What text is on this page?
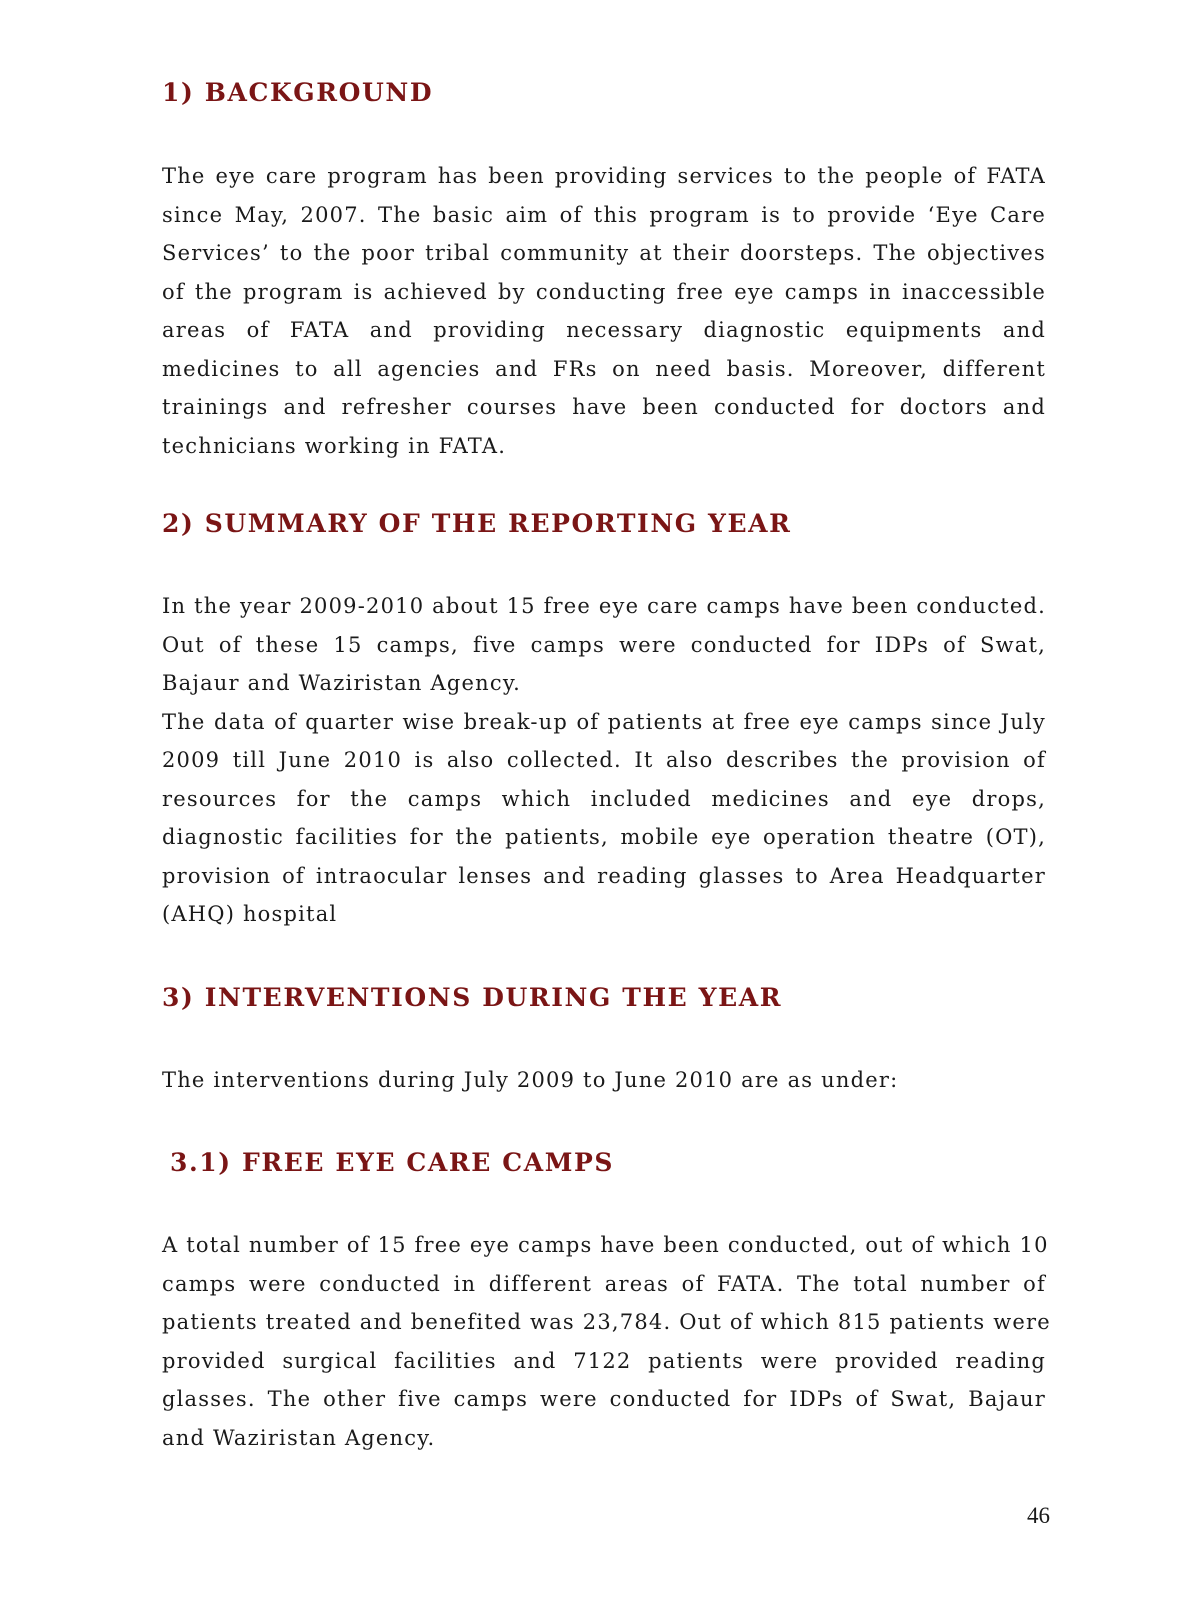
1) BACKGROUND
The eye care program has been providing services to the people of FATA
since May, 2007. The basic aim of this program is to provide ‘Eye Care
Services’ to the poor tribal community at their doorsteps. The objectives
of the program is achieved by conducting free eye camps in inaccessible
areas of FATA and providing necessary diagnostic equipments and
medicines to all agencies and FRs on need basis. Moreover, different
trainings and refresher courses have been conducted for doctors and
technicians working in FATA.
2) SUMMARY OF THE REPORTING YEAR
In the year 2009-2010 about 15 free eye care camps have been conducted.
Out of these 15 camps, five camps were conducted for IDPs of Swat,
Bajaur and Waziristan Agency.
The data of quarter wise break-up of patients at free eye camps since July
2009 till June 2010 is also collected. It also describes the provision of
resources for the camps which included medicines and eye drops,
diagnostic facilities for the patients, mobile eye operation theatre (OT),
provision of intraocular lenses and reading glasses to Area Headquarter
(AHQ) hospital
3) INTERVENTIONS DURING THE YEAR
The interventions during July 2009 to June 2010 are as under:
3.1) FREE EYE CARE CAMPS
A total number of 15 free eye camps have been conducted, out of which 10
camps were conducted in different areas of FATA. The total number of
patients treated and benefited was 23,784. Out of which 815 patients were
provided surgical facilities and 7122 patients were provided reading
glasses. The other five camps were conducted for IDPs of Swat, Bajaur
and Waziristan Agency.

46
